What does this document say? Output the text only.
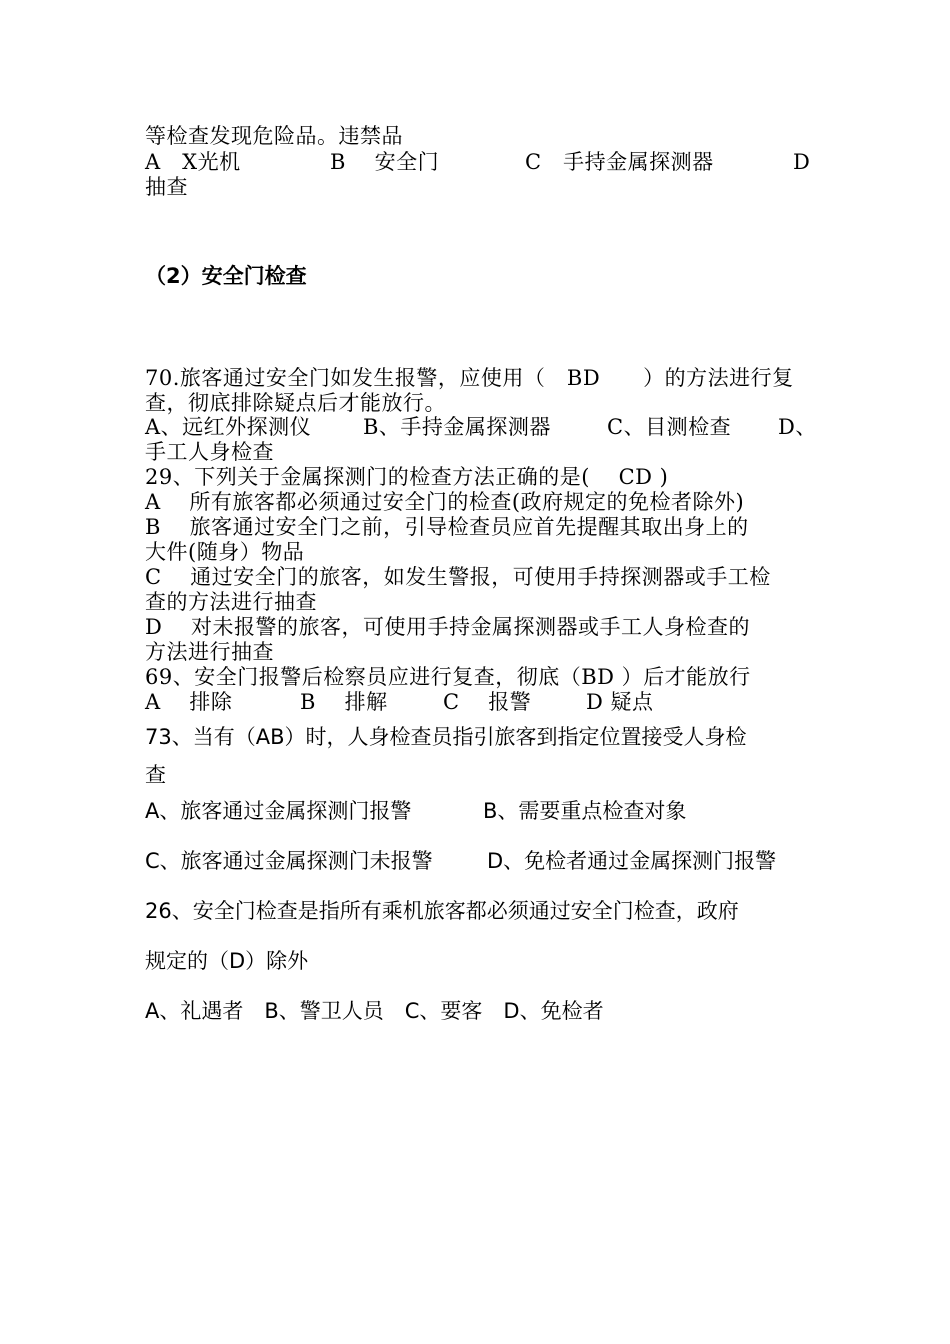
等检查发现危险品。违禁品
A　X光机	B　 安全门	C　手持金属探测器	D
抽查
（2）安全门检查
70.旅客通过安全门如发生报警，应使用（　BD　　）的方法进行复
查，彻底排除疑点后才能放行。
A、远红外探测仪 B、手持金属探测器	C、目测检查 D、
手工人身检查
29、下列关于金属探测门的检查方法正确的是(　 CD )
A　 所有旅客都必须通过安全门的检查(政府规定的免检者除外)
B　 旅客通过安全门之前，引导检查员应首先提醒其取出身上的
大件(随身）物品
C　 通过安全门的旅客，如发生警报，可使用手持探测器或手工检
查的方法进行抽查
D　 对未报警的旅客，可使用手持金属探测器或手工人身检查的
方法进行抽查
69、安全门报警后检察员应进行复查，彻底（BD ）后才能放行
A　 排除	B　 排解	C　 报警	D 疑点
73、当有（AB）时，人身检查员指引旅客到指定位置接受人身检
查
A、旅客通过金属探测门报警	B、需要重点检查对象
C、旅客通过金属探测门未报警	D、免检者通过金属探测门报警
26、安全门检查是指所有乘机旅客都必须通过安全门检查，政府
规定的（D）除外
A、礼遇者　B、警卫人员　C、要客　D、免检者
